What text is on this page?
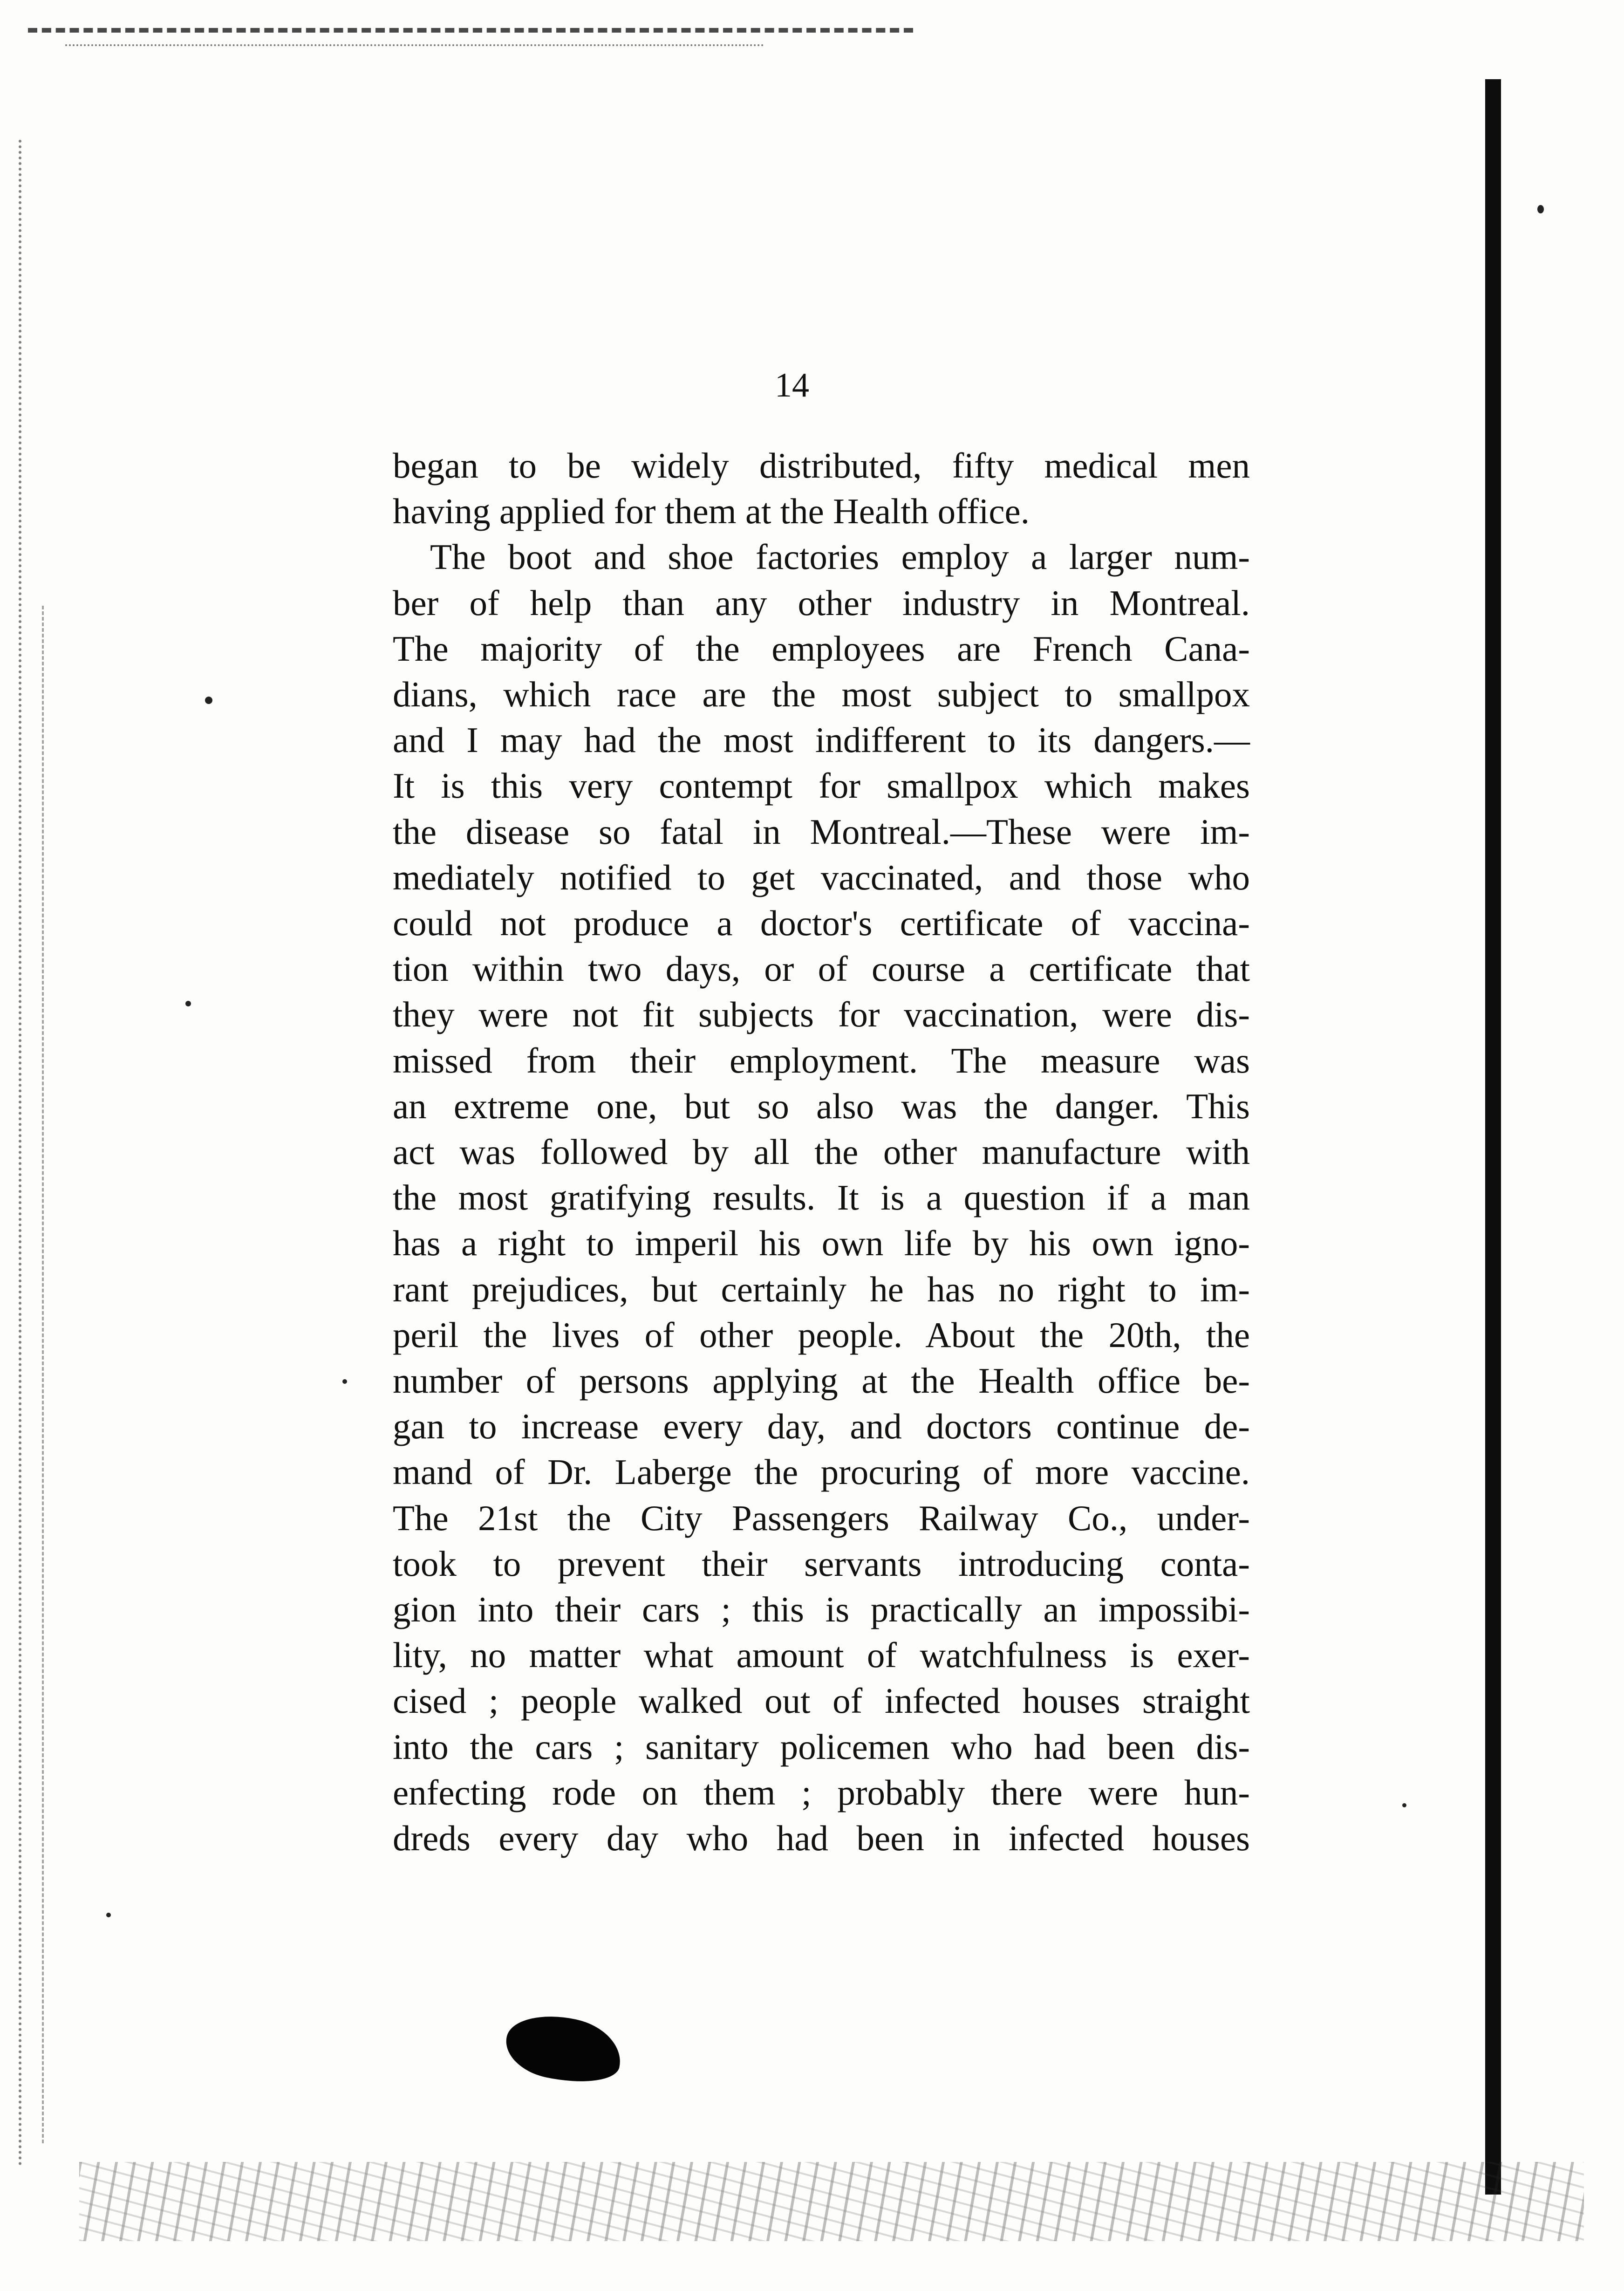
14
began to be widely distributed, fifty medical men
having applied for them at the Health office.
The boot and shoe factories employ a larger num-
ber of help than any other industry in Montreal.
The majority of the employees are French Cana-
dians, which race are the most subject to smallpox
and I may had the most indifferent to its dangers.—
It is this very contempt for smallpox which makes
the disease so fatal in Montreal.—These were im-
mediately notified to get vaccinated, and those who
could not produce a doctor's certificate of vaccina-
tion within two days, or of course a certificate that
they were not fit subjects for vaccination, were dis-
missed from their employment. The measure was
an extreme one, but so also was the danger. This
act was followed by all the other manufacture with
the most gratifying results. It is a question if a man
has a right to imperil his own life by his own igno-
rant prejudices, but certainly he has no right to im-
peril the lives of other people. About the 20th, the
number of persons applying at the Health office be-
gan to increase every day, and doctors continue de-
mand of Dr. Laberge the procuring of more vaccine.
The 21st the City Passengers Railway Co., under-
took to prevent their servants introducing conta-
gion into their cars ; this is practically an impossibi-
lity, no matter what amount of watchfulness is exer-
cised ; people walked out of infected houses straight
into the cars ; sanitary policemen who had been dis-
enfecting rode on them ; probably there were hun-
dreds every day who had been in infected houses
